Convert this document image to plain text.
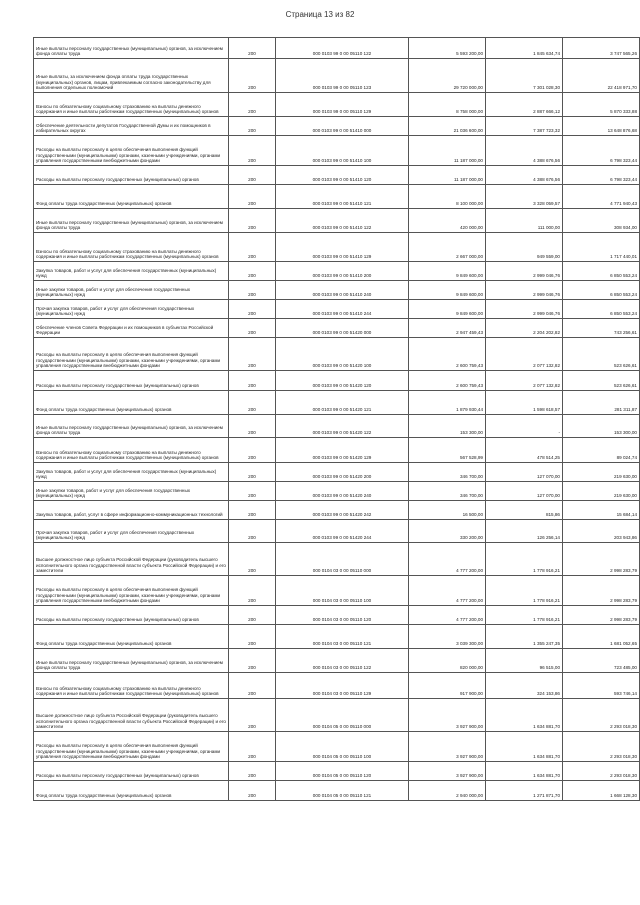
Страница 13 из 82
Иные выплаты персоналу государственных (муниципальных) органов, за исключением фонда оплаты труда	200	000 0103 99 0 00 05110 122	5 593 200,00	1 845 634,74	3 747 565,26
Иные выплаты, за исключением фонда оплаты труда государственных (муниципальных) органов, лицам, привлекаемым согласно законодательству для выполнения отдельных полномочий	200	000 0103 99 0 00 05110 123	29 720 000,00	7 301 028,30	22 418 971,70
Взносы по обязательному социальному страхованию на выплаты денежного содержания и иные выплаты работникам государственных (муниципальных) органов	200	000 0103 99 0 00 05110 129	8 758 000,00	2 887 666,12	5 870 333,88
Обеспечение деятельности депутатов Государственной Думы и их помощников в избирательных округах	200	000 0103 99 0 00 51410 000	21 036 600,00	7 387 723,32	13 648 876,68
Расходы на выплаты персоналу в целях обеспечения выполнения функций государственными (муниципальными) органами, казенными учреждениями, органами управления государственными внебюджетными фондами	200	000 0103 99 0 00 51410 100	11 187 000,00	4 388 676,56	6 798 323,44
Расходы на выплаты персоналу государственных (муниципальных) органов	200	000 0103 99 0 00 51410 120	11 187 000,00	4 388 676,56	6 798 323,44
Фонд оплаты труда государственных (муниципальных) органов	200	000 0103 99 0 00 51410 121	8 100 000,00	3 328 059,57	4 771 940,43
Иные выплаты персоналу государственных (муниципальных) органов, за исключением фонда оплаты труда	200	000 0103 99 0 00 51410 122	420 000,00	111 000,00	308 934,00
Взносы по обязательному социальному страхованию на выплаты денежного содержания и иные выплаты работникам государственных (муниципальных) органов	200	000 0103 99 0 00 51410 129	2 667 000,00	949 559,00	1 717 440,01
Закупка товаров, работ и услуг для обеспечения государственных (муниципальных) нужд	200	000 0103 99 0 00 51410 200	9 849 600,00	2 999 046,76	6 850 553,24
Иные закупки товаров, работ и услуг для обеспечения государственных (муниципальных) нужд	200	000 0103 99 0 00 51410 240	9 849 600,00	2 999 046,76	6 850 553,24
Прочая закупка товаров, работ и услуг для обеспечения государственных (муниципальных) нужд	200	000 0103 99 0 00 51410 244	9 849 600,00	2 999 046,76	6 850 553,24
Обеспечение членов Совета Федерации и их помощников в субъектах Российской Федерации	200	000 0103 99 0 00 51420 000	2 947 459,43	2 204 202,82	743 256,61
Расходы на выплаты персоналу в целях обеспечения выполнения функций государственными (муниципальными) органами, казенными учреждениями, органами управления государственными внебюджетными фондами	200	000 0103 99 0 00 51420 100	2 600 759,43	2 077 132,82	523 626,61
Расходы на выплаты персоналу государственных (муниципальных) органов	200	000 0103 99 0 00 51420 120	2 600 759,43	2 077 132,82	523 626,61
Фонд оплаты труда государственных (муниципальных) органов	200	000 0103 99 0 00 51420 121	1 879 930,44	1 598 618,57	281 311,87
Иные выплаты персоналу государственных (муниципальных) органов, за исключением фонда оплаты труда	200	000 0103 99 0 00 51420 122	153 300,00	-	153 300,00
Взносы по обязательному социальному страхованию на выплаты денежного содержания и иные выплаты работникам государственных (муниципальных) органов	200	000 0103 99 0 00 51420 129	567 528,99	478 514,25	89 024,74
Закупка товаров, работ и услуг для обеспечения государственных (муниципальных) нужд	200	000 0103 99 0 00 51420 200	346 700,00	127 070,00	219 630,00
Иные закупки товаров, работ и услуг для обеспечения государственных (муниципальных) нужд	200	000 0103 99 0 00 51420 240	346 700,00	127 070,00	219 630,00
Закупка товаров, работ, услуг в сфере информационно-коммуникационных технологий	200	000 0103 99 0 00 51420 242	16 500,00	815,86	15 684,14
Прочая закупка товаров, работ и услуг для обеспечения государственных (муниципальных) нужд	200	000 0103 99 0 00 51420 244	330 200,00	126 256,14	203 943,86
Высшее должностное лицо субъекта Российской Федерации (руководитель высшего исполнительного органа государственной власти субъекта Российской Федерации) и его заместители	200	000 0104 03 0 00 05110 000	4 777 200,00	1 778 916,21	2 998 283,79
Расходы на выплаты персоналу в целях обеспечения выполнения функций государственными (муниципальными) органами, казенными учреждениями, органами управления государственными внебюджетными фондами	200	000 0104 03 0 00 05110 100	4 777 200,00	1 778 916,21	2 998 283,79
Расходы на выплаты персоналу государственных (муниципальных) органов	200	000 0104 03 0 00 05110 120	4 777 200,00	1 778 916,21	2 998 283,79
Фонд оплаты труда государственных (муниципальных) органов	200	000 0104 03 0 00 05110 121	3 039 300,00	1 355 247,35	1 681 052,65
Иные выплаты персоналу государственных (муниципальных) органов, за исключением фонда оплаты труда	200	000 0104 03 0 00 05110 122	820 000,00	96 515,00	723 485,00
Взносы по обязательному социальному страхованию на выплаты денежного содержания и иные выплаты работникам государственных (муниципальных) органов	200	000 0104 03 0 00 05110 129	917 900,00	324 153,86	593 746,14
Высшее должностное лицо субъекта Российской Федерации (руководитель высшего исполнительного органа государственной власти субъекта Российской Федерации) и его заместители	200	000 0104 05 0 00 05110 000	3 927 900,00	1 634 881,70	2 293 018,30
Расходы на выплаты персоналу в целях обеспечения выполнения функций государственными (муниципальными) органами, казенными учреждениями, органами управления государственными внебюджетными фондами	200	000 0104 05 0 00 05110 100	3 927 900,00	1 634 881,70	2 293 018,30
Расходы на выплаты персоналу государственных (муниципальных) органов	200	000 0104 05 0 00 05110 120	3 927 900,00	1 634 881,70	2 293 018,30
Фонд оплаты труда государственных (муниципальных) органов	200	000 0104 05 0 00 05110 121	2 940 000,00	1 271 871,70	1 668 128,30
